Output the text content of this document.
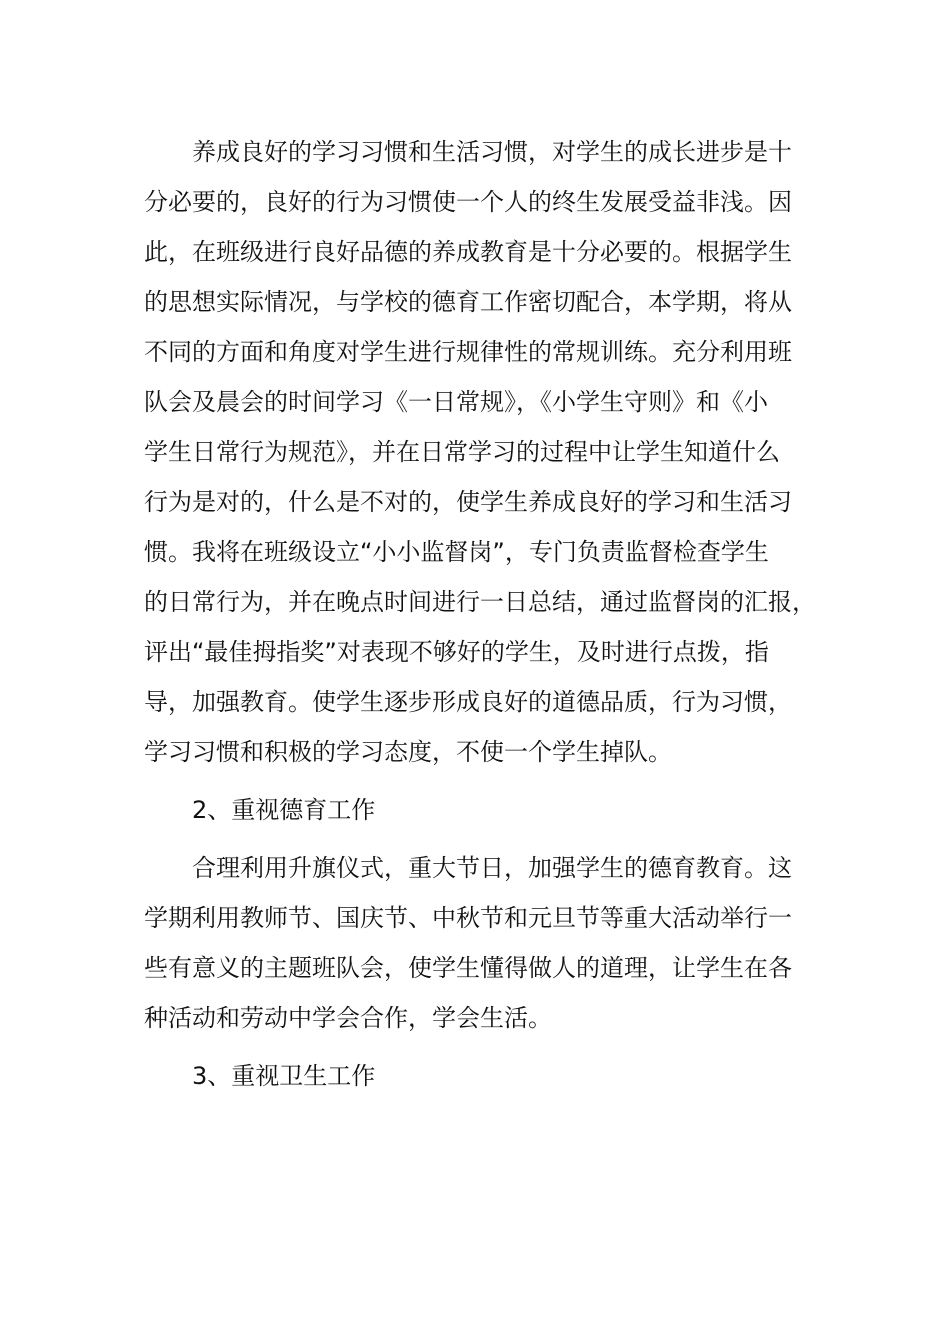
养成良好的学习习惯和生活习惯，对学生的成长进步是十
分必要的，良好的行为习惯使一个人的终生发展受益非浅。因
此，在班级进行良好品德的养成教育是十分必要的。根据学生
的思想实际情况，与学校的德育工作密切配合，本学期，将从
不同的方面和角度对学生进行规律性的常规训练。充分利用班
队会及晨会的时间学习《一日常规》，《小学生守则》和《小
学生日常行为规范》，并在日常学习的过程中让学生知道什么
行为是对的，什么是不对的，使学生养成良好的学习和生活习
惯。我将在班级设立“小小监督岗”，专门负责监督检查学生
的日常行为，并在晚点时间进行一日总结，通过监督岗的汇报，
评出“最佳拇指奖”对表现不够好的学生，及时进行点拨，指
导，加强教育。使学生逐步形成良好的道德品质，行为习惯，
学习习惯和积极的学习态度，不使一个学生掉队。
2、重视德育工作
合理利用升旗仪式，重大节日，加强学生的德育教育。这
学期利用教师节、国庆节、中秋节和元旦节等重大活动举行一
些有意义的主题班队会，使学生懂得做人的道理，让学生在各
种活动和劳动中学会合作，学会生活。
3、重视卫生工作
